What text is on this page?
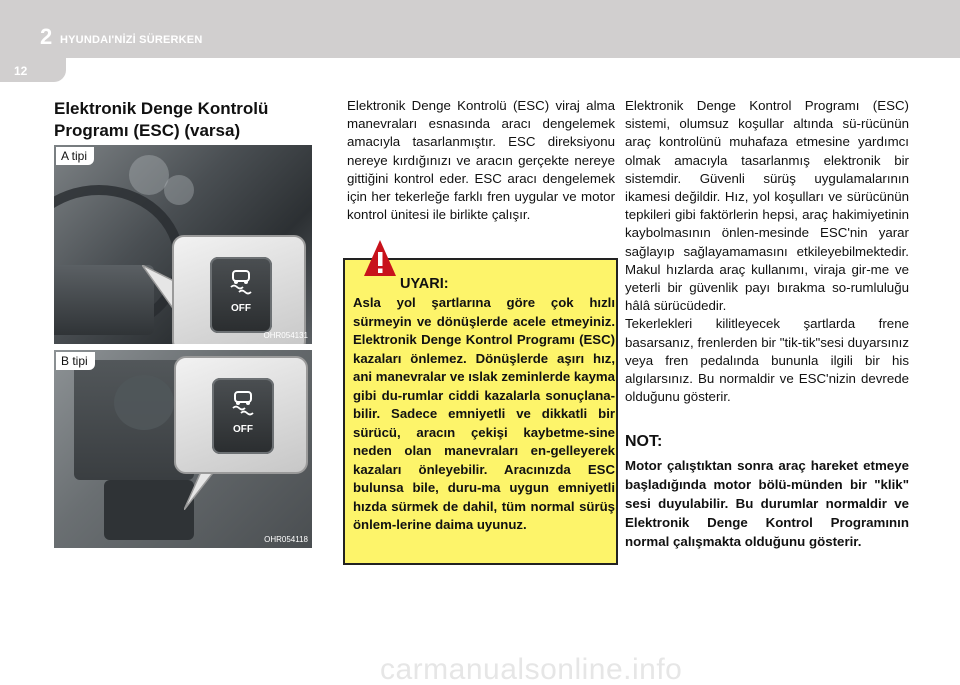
2 HYUNDAI'NİZİ SÜRERKEN
12
Elektronik Denge Kontrolü Programı (ESC) (varsa)
A tipi
OFF
OHR054131
B tipi
OFF
OHR054118
Elektronik Denge Kontrolü (ESC) viraj alma manevraları esnasında aracı dengelemek amacıyla tasarlanmıştır. ESC direksiyonu nereye kırdığınızı ve aracın gerçekte nereye gittiğini kontrol eder. ESC aracı dengelemek için her tekerleğe farklı fren uygular ve motor kontrol ünitesi ile birlikte çalışır.
UYARI:
Asla yol şartlarına göre çok hızlı sürmeyin ve dönüşlerde acele etmeyiniz. Elektronik Denge Kontrol Programı (ESC) kazaları önlemez. Dönüşlerde aşırı hız, ani manevralar ve ıslak zeminlerde kayma gibi du-rumlar ciddi kazalarla sonuçlana-bilir. Sadece emniyetli ve dikkatli bir sürücü, aracın çekişi kaybetme-sine neden olan manevraları en-gelleyerek kazaları önleyebilir. Aracınızda ESC bulunsa bile, duru-ma uygun emniyetli hızda sürmek de dahil, tüm normal sürüş önlem-lerine daima uyunuz.
Elektronik Denge Kontrol Programı (ESC) sistemi, olumsuz koşullar altında sü-rücünün araç kontrolünü muhafaza etmesine yardımcı olmak amacıyla tasarlanmış elektronik bir sistemdir. Güvenli sürüş uygulamalarının ikamesi değildir. Hız, yol koşulları ve sürücünün tepkileri gibi faktörlerin hepsi, araç hakimiyetinin kaybolmasının önlen-mesinde ESC'nin yarar sağlayıp sağlayamamasını etkileyebilmektedir. Makul hızlarda araç kullanımı, viraja gir-me ve yeterli bir güvenlik payı bırakma so-rumluluğu hâlâ sürücüdedir.
Tekerlekleri kilitleyecek şartlarda frene basarsanız, frenlerden bir "tik-tik"sesi duyarsınız veya fren pedalında bununla ilgili bir his algılarsınız. Bu normaldir ve ESC'nizin devrede olduğunu gösterir.
NOT:
Motor çalıştıktan sonra araç hareket etmeye başladığında motor bölü-münden bir "klik" sesi duyulabilir. Bu durumlar normaldir ve Elektronik Denge Kontrol Programının normal çalışmakta olduğunu gösterir.
carmanualsonline.info
